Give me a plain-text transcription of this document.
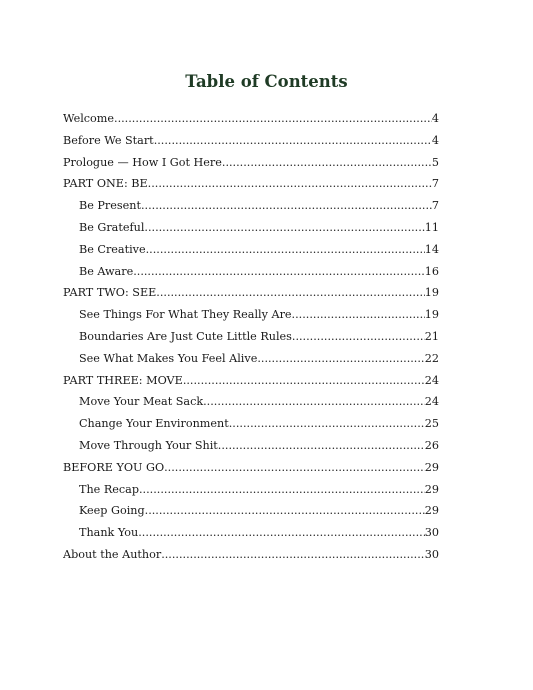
Table of Contents
Welcome .....	4
Before We Start .....	4
Prologue — How I Got Here .....	5
PART ONE: BE .....	7
Be Present .....	7
Be Grateful .....	11
Be Creative .....	14
Be Aware .....	16
PART TWO: SEE .....	19
See Things For What They Really Are .....	19
Boundaries Are Just Cute Little Rules .....	21
See What Makes You Feel Alive .....	22
PART THREE: MOVE .....	24
Move Your Meat Sack .....	24
Change Your Environment .....	25
Move Through Your Shit .....	26
BEFORE YOU GO .....	29
The Recap .....	29
Keep Going .....	29
Thank You .....	30
About the Author .....	30
